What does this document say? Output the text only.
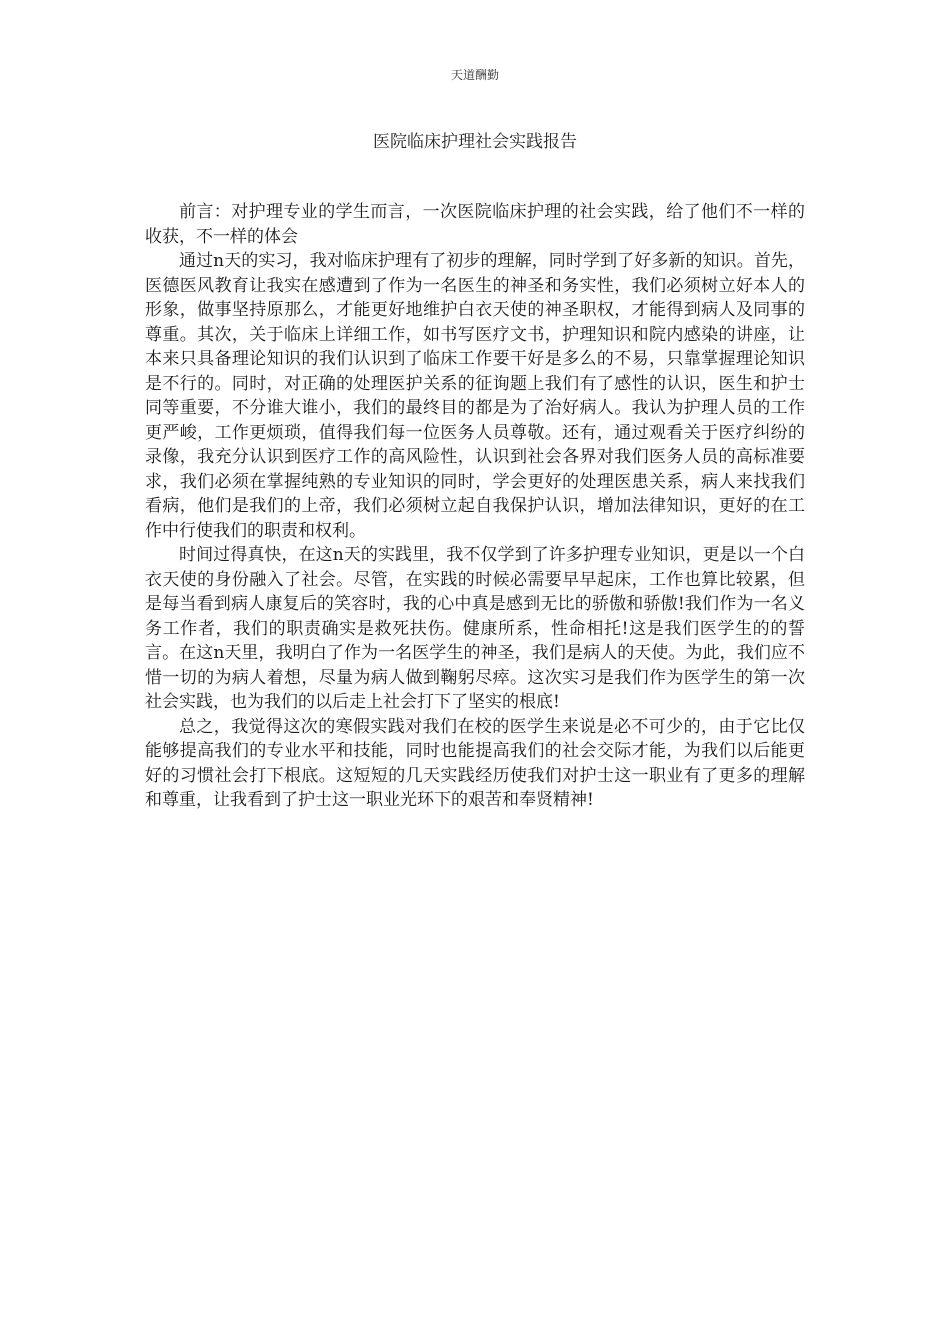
天道酬勤
医院临床护理社会实践报告

前言：对护理专业的学生而言，一次医院临床护理的社会实践，给了他们不一样的收获，不一样的体会

通过n天的实习，我对临床护理有了初步的理解，同时学到了好多新的知识。首先，医德医风教育让我实在感遭到了作为一名医生的神圣和务实性，我们必须树立好本人的形象，做事坚持原那么，才能更好地维护白衣天使的神圣职权，才能得到病人及同事的尊重。其次，关于临床上详细工作，如书写医疗文书，护理知识和院内感染的讲座，让本来只具备理论知识的我们认识到了临床工作要干好是多么的不易，只靠掌握理论知识是不行的。同时，对正确的处理医护关系的征询题上我们有了感性的认识，医生和护士同等重要，不分谁大谁小，我们的最终目的都是为了治好病人。我认为护理人员的工作更严峻，工作更烦琐，值得我们每一位医务人员尊敬。还有，通过观看关于医疗纠纷的录像，我充分认识到医疗工作的高风险性，认识到社会各界对我们医务人员的高标准要求，我们必须在掌握纯熟的专业知识的同时，学会更好的处理医患关系，病人来找我们看病，他们是我们的上帝，我们必须树立起自我保护认识，增加法律知识，更好的在工作中行使我们的职责和权利。

时间过得真快，在这n天的实践里，我不仅学到了许多护理专业知识，更是以一个白衣天使的身份融入了社会。尽管，在实践的时候必需要早早起床，工作也算比较累，但是每当看到病人康复后的笑容时，我的心中真是感到无比的骄傲和骄傲!我们作为一名义务工作者，我们的职责确实是救死扶伤。健康所系，性命相托!这是我们医学生的的誓言。在这n天里，我明白了作为一名医学生的神圣，我们是病人的天使。为此，我们应不惜一切的为病人着想，尽量为病人做到鞠躬尽瘁。这次实习是我们作为医学生的第一次社会实践，也为我们的以后走上社会打下了坚实的根底!

总之，我觉得这次的寒假实践对我们在校的医学生来说是必不可少的，由于它比仅能够提高我们的专业水平和技能，同时也能提高我们的社会交际才能，为我们以后能更好的习惯社会打下根底。这短短的几天实践经历使我们对护士这一职业有了更多的理解和尊重，让我看到了护士这一职业光环下的艰苦和奉贤精神!
